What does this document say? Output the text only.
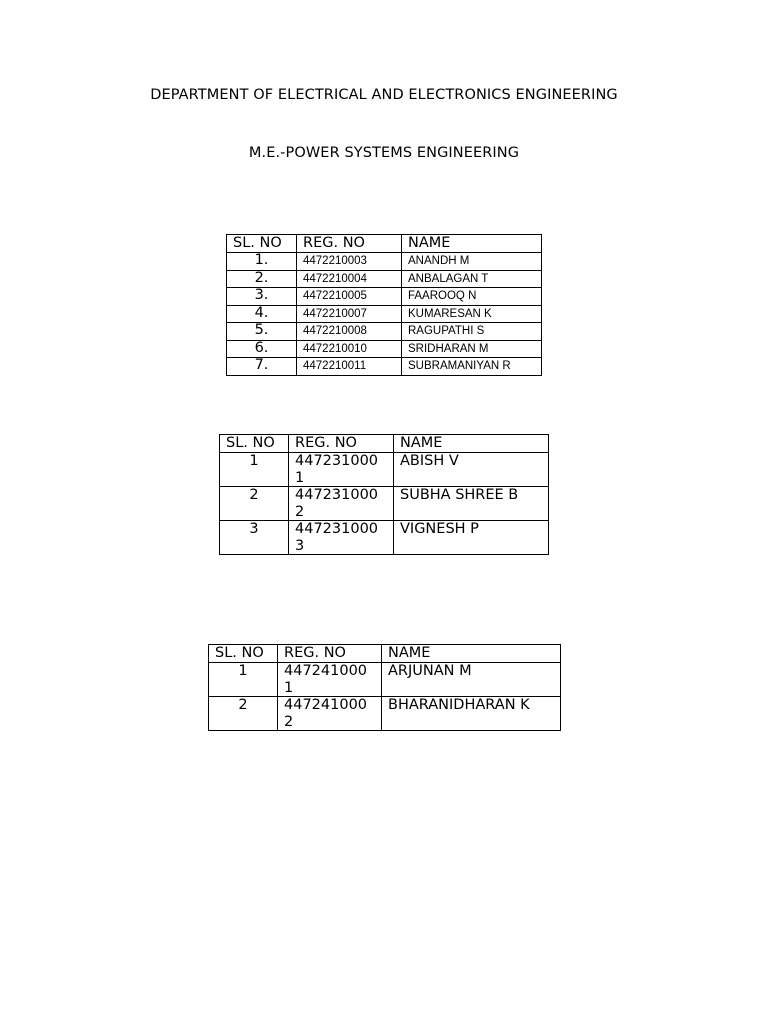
DEPARTMENT OF ELECTRICAL AND ELECTRONICS ENGINEERING
M.E.-POWER SYSTEMS ENGINEERING
SL. NO	REG. NO	NAME
1.	4472210003	ANANDH M
2.	4472210004	ANBALAGAN T
3.	4472210005	FAAROOQ N
4.	4472210007	KUMARESAN K
5.	4472210008	RAGUPATHI S
6.	4472210010	SRIDHARAN M
7.	4472210011	SUBRAMANIYAN R
SL. NO	REG. NO	NAME
1	4472310001	ABISH V
2	4472310002	SUBHA SHREE B
3	4472310003	VIGNESH P
SL. NO	REG. NO	NAME
1	4472410001	ARJUNAN M
2	4472410002	BHARANIDHARAN K
